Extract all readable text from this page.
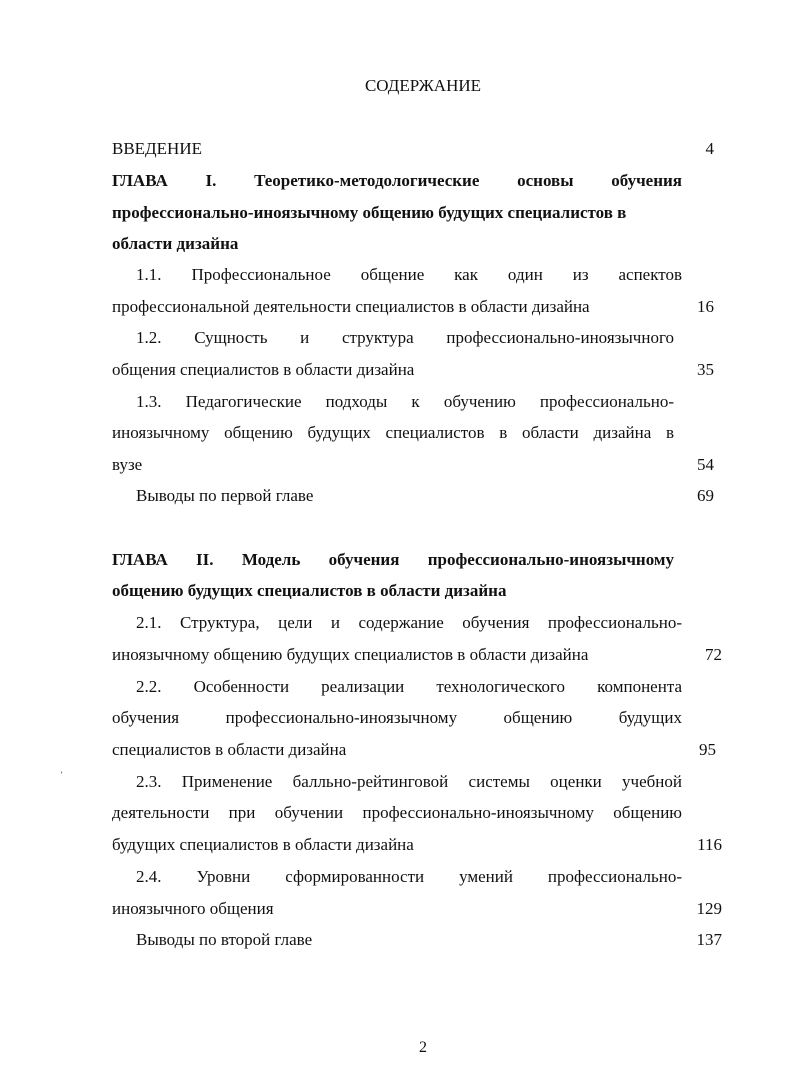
СОДЕРЖАНИЕ
ВВЕДЕНИЕ	4
ГЛАВА I. Теоретико-методологические основы обучения
профессионально-иноязычному общению будущих специалистов в
области дизайна
1.1. Профессиональное общение как один из аспектов
профессиональной деятельности специалистов в области дизайна	16
1.2. Сущность и структура профессионально-иноязычного
общения специалистов в области дизайна	35
1.3. Педагогические подходы к обучению профессионально-
иноязычному общению будущих специалистов в области дизайна в
вузе	54
Выводы по первой главе	69
ГЛАВА II. Модель обучения профессионально-иноязычному
общению будущих специалистов в области дизайна
2.1. Структура, цели и содержание обучения профессионально-
иноязычному общению будущих специалистов в области дизайна	72
2.2. Особенности реализации технологического компонента
обучения профессионально-иноязычному общению будущих
специалистов в области дизайна	95
2.3. Применение балльно-рейтинговой системы оценки учебной
деятельности при обучении профессионально-иноязычному общению
будущих специалистов в области дизайна	116
2.4. Уровни сформированности умений профессионально-
иноязычного общения	129
Выводы по второй главе	137
ʼ
2
